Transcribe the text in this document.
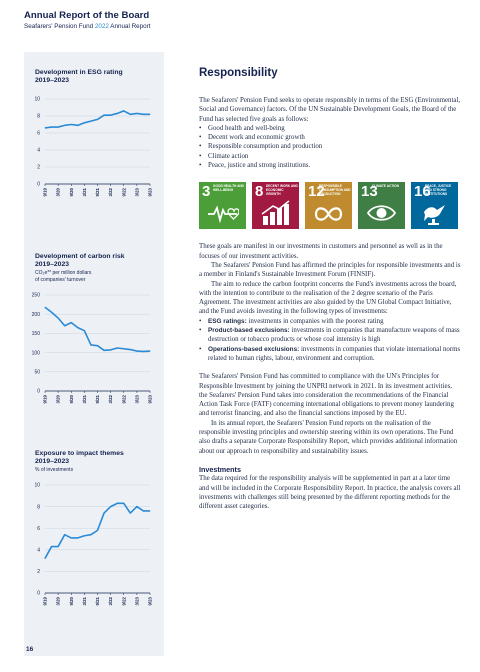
Annual Report of the Board
Seafarers' Pension Fund 2022 Annual Report
Development in ESG rating
2019–2023
0
2
4
6
8
10
9/19 3/20 9/20 3/21 9/21 3/22 9/22 3/23 9/23
Development of carbon risk
2019–2023
CO₂e** per million dollars
of companies' turnover
0
50
100
150
200
250
9/19 3/20 9/20 3/21 9/21 3/22 9/22 3/23 9/23
Exposure to impact themes
2019–2023
% of investments
0
2
4
6
8
10
9/19 3/20 9/20 3/21 9/21 3/22 9/22 3/23 9/23
16
Responsibility

The Seafarers' Pension Fund seeks to operate responsibly in terms of the ESG (Environmental, Social and Governance) factors. Of the UN Sustainable Development Goals, the Board of the Fund has selected five goals as follows:

• Good health and well-being
• Decent work and economic growth
• Responsible consumption and production
• Climate action
• Peace, justice and strong institutions.
3 GOOD HEALTH AND WELL-BEING	8 DECENT WORK AND ECONOMIC GROWTH	12
RESPONSIBLE CONSUMPTION AND PRODUCTION	13
CLIMATE ACTION	16
PEACE, JUSTICE AND STRONG INSTITUTIONS

These goals are manifest in our investments in customers and personnel as well as in the focuses of our investment activities.

The Seafarers' Pension Fund has affirmed the principles for responsible investments and is a member in Finland's Sustainable Investment Forum (FINSIF).

The aim to reduce the carbon footprint concerns the Fund's investments across the board, with the intention to contribute to the realisation of the 2 degree scenario of the Paris Agreement. The investment activities are also guided by the UN Global Compact Initiative, and the Fund avoids investing in the following types of investments:

• ESG ratings: investments in companies with the poorest rating
• Product-based exclusions: investments in companies that manufacture weapons of mass destruction or tobacco products or whose coal intensity is high
• Operations-based exclusions: investments in companies that violate international norms related to human rights, labour, environment and corruption.

The Seafarers' Pension Fund has committed to compliance with the UN's Principles for Responsible Investment by joining the UNPRI network in 2021. In its investment activities, the Seafarers' Pension Fund takes into consideration the recommendations of the Financial Action Task Force (FATF) concerning international obligations to prevent money laundering and terrorist financing, and also the financial sanctions imposed by the EU.

In its annual report, the Seafarers' Pension Fund reports on the realisation of the responsible investing principles and ownership steering within its own operations. The Fund also drafts a separate Corporate Responsibility Report, which provides additional information about our approach to responsibility and sustainability issues.

Investments

The data required for the responsibility analysis will be supplemented in part at a later time and will be included in the Corporate Responsibility Report. In practice, the analysis covers all investments with challenges still being presented by the different reporting methods for the different asset categories.
